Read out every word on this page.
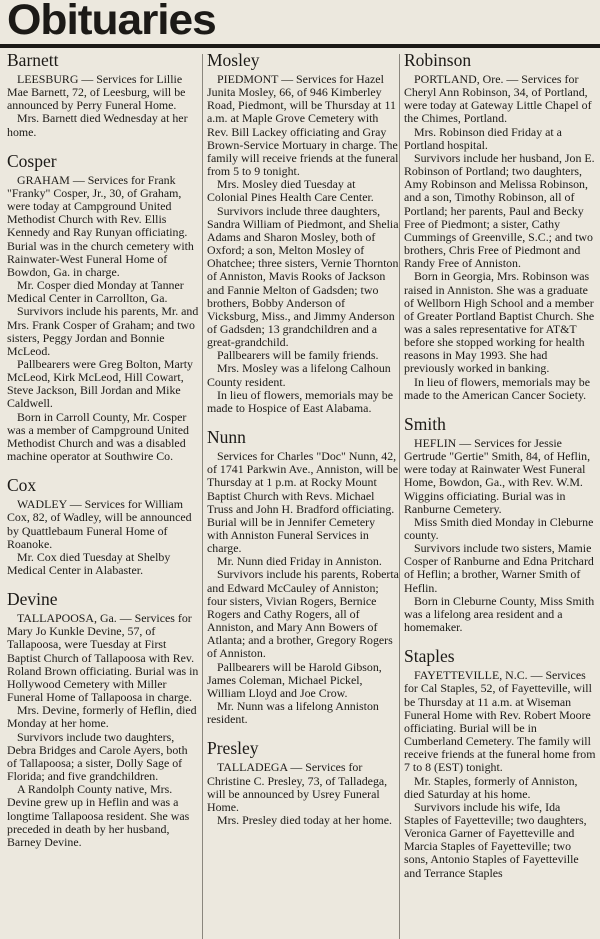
Obituaries
Barnett

LEESBURG — Services for Lillie Mae Barnett, 72, of Leesburg, will be announced by Perry Funeral Home.

Mrs. Barnett died Wednesday at her home.

Cosper

GRAHAM — Services for Frank "Franky" Cosper, Jr., 30, of Graham, were today at Campground United Methodist Church with Rev. Ellis Kennedy and Ray Runyan officiating. Burial was in the church cemetery with Rainwater-West Funeral Home of Bowdon, Ga. in charge.

Mr. Cosper died Monday at Tanner Medical Center in Carrollton, Ga.

Survivors include his parents, Mr. and Mrs. Frank Cosper of Graham; and two sisters, Peggy Jordan and Bonnie McLeod.

Pallbearers were Greg Bolton, Marty McLeod, Kirk McLeod, Hill Cowart, Steve Jackson, Bill Jordan and Mike Caldwell.

Born in Carroll County, Mr. Cosper was a member of Campground United Methodist Church and was a disabled machine operator at Southwire Co.

Cox

WADLEY — Services for William Cox, 82, of Wadley, will be announced by Quattlebaum Funeral Home of Roanoke.

Mr. Cox died Tuesday at Shelby Medical Center in Alabaster.

Devine

TALLAPOOSA, Ga. — Services for Mary Jo Kunkle Devine, 57, of Tallapoosa, were Tuesday at First Baptist Church of Tallapoosa with Rev. Roland Brown officiating. Burial was in Hollywood Cemetery with Miller Funeral Home of Tallapoosa in charge.

Mrs. Devine, formerly of Heflin, died Monday at her home.

Survivors include two daughters, Debra Bridges and Carole Ayers, both of Tallapoosa; a sister, Dolly Sage of Florida; and five grandchildren.

A Randolph County native, Mrs. Devine grew up in Heflin and was a longtime Tallapoosa resident. She was preceded in death by her husband, Barney Devine.

Mosley

PIEDMONT — Services for Hazel Junita Mosley, 66, of 946 Kimberley Road, Piedmont, will be Thursday at 11 a.m. at Maple Grove Cemetery with Rev. Bill Lackey officiating and Gray Brown-Service Mortuary in charge. The family will receive friends at the funeral from 5 to 9 tonight.

Mrs. Mosley died Tuesday at Colonial Pines Health Care Center.

Survivors include three daughters, Sandra William of Piedmont, and Shelia Adams and Sharon Mosley, both of Oxford; a son, Melton Mosley of Ohatchee; three sisters, Vernie Thornton of Anniston, Mavis Rooks of Jackson and Fannie Melton of Gadsden; two brothers, Bobby Anderson of Vicksburg, Miss., and Jimmy Anderson of Gadsden; 13 grandchildren and a great-grandchild.

Pallbearers will be family friends.

Mrs. Mosley was a lifelong Calhoun County resident.

In lieu of flowers, memorials may be made to Hospice of East Alabama.

Nunn

Services for Charles "Doc" Nunn, 42, of 1741 Parkwin Ave., Anniston, will be Thursday at 1 p.m. at Rocky Mount Baptist Church with Revs. Michael Truss and John H. Bradford officiating. Burial will be in Jennifer Cemetery with Anniston Funeral Services in charge.

Mr. Nunn died Friday in Anniston.

Survivors include his parents, Roberta and Edward McCauley of Anniston; four sisters, Vivian Rogers, Bernice Rogers and Cathy Rogers, all of Anniston, and Mary Ann Bowers of Atlanta; and a brother, Gregory Rogers of Anniston.

Pallbearers will be Harold Gibson, James Coleman, Michael Pickel, William Lloyd and Joe Crow.

Mr. Nunn was a lifelong Anniston resident.

Presley

TALLADEGA — Services for Christine C. Presley, 73, of Talladega, will be announced by Usrey Funeral Home.

Mrs. Presley died today at her home.

Robinson

PORTLAND, Ore. — Services for Cheryl Ann Robinson, 34, of Portland, were today at Gateway Little Chapel of the Chimes, Portland.

Mrs. Robinson died Friday at a Portland hospital.

Survivors include her husband, Jon E. Robinson of Portland; two daughters, Amy Robinson and Melissa Robinson, and a son, Timothy Robinson, all of Portland; her parents, Paul and Becky Free of Piedmont; a sister, Cathy Cummings of Greenville, S.C.; and two brothers, Chris Free of Piedmont and Randy Free of Anniston.

Born in Georgia, Mrs. Robinson was raised in Anniston. She was a graduate of Wellborn High School and a member of Greater Portland Baptist Church. She was a sales representative for AT&T before she stopped working for health reasons in May 1993. She had previously worked in banking.

In lieu of flowers, memorials may be made to the American Cancer Society.

Smith

HEFLIN — Services for Jessie Gertrude "Gertie" Smith, 84, of Heflin, were today at Rainwater West Funeral Home, Bowdon, Ga., with Rev. W.M. Wiggins officiating. Burial was in Ranburne Cemetery.

Miss Smith died Monday in Cleburne county.

Survivors include two sisters, Mamie Cosper of Ranburne and Edna Pritchard of Heflin; a brother, Warner Smith of Heflin.

Born in Cleburne County, Miss Smith was a lifelong area resident and a homemaker.

Staples

FAYETTEVILLE, N.C. — Services for Cal Staples, 52, of Fayetteville, will be Thursday at 11 a.m. at Wiseman Funeral Home with Rev. Robert Moore officiating. Burial will be in Cumberland Cemetery. The family will receive friends at the funeral home from 7 to 8 (EST) tonight.

Mr. Staples, formerly of Anniston, died Saturday at his home.

Survivors include his wife, Ida Staples of Fayetteville; two daughters, Veronica Garner of Fayetteville and Marcia Staples of Fayetteville; two sons, Antonio Staples of Fayetteville and Terrance Staples
